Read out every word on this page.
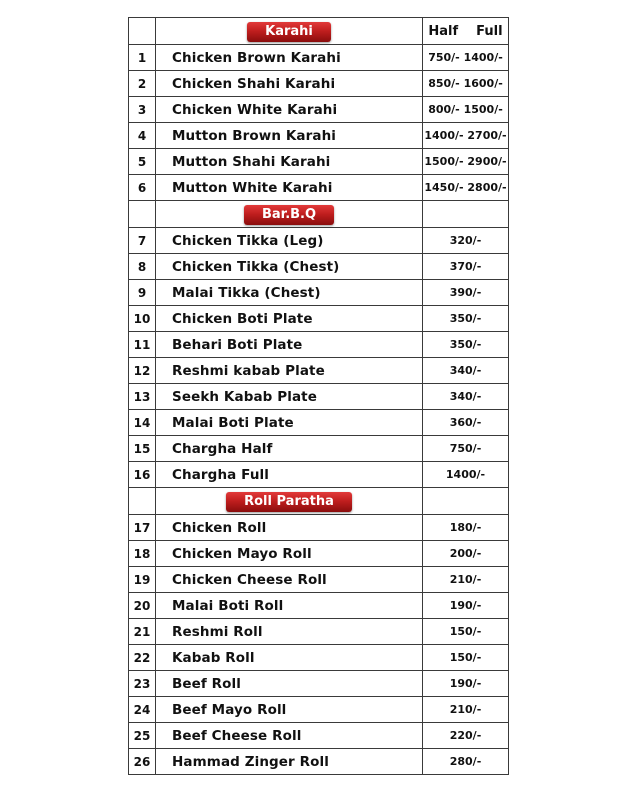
	Karahi	Half Full
1	Chicken Brown Karahi	750/- 1400/-
2	Chicken Shahi Karahi	850/- 1600/-
3	Chicken White Karahi	800/- 1500/-
4	Mutton Brown Karahi	1400/- 2700/-
5	Mutton Shahi Karahi	1500/- 2900/-
6	Mutton White Karahi	1450/- 2800/-
	Bar.B.Q	
7	Chicken Tikka (Leg)	320/-
8	Chicken Tikka (Chest)	370/-
9	Malai Tikka (Chest)	390/-
10	Chicken Boti Plate	350/-
11	Behari Boti Plate	350/-
12	Reshmi kabab Plate	340/-
13	Seekh Kabab Plate	340/-
14	Malai Boti Plate	360/-
15	Chargha Half	750/-
16	Chargha Full	1400/-
	Roll Paratha	
17	Chicken Roll	180/-
18	Chicken Mayo Roll	200/-
19	Chicken Cheese Roll	210/-
20	Malai Boti Roll	190/-
21	Reshmi Roll	150/-
22	Kabab Roll	150/-
23	Beef Roll	190/-
24	Beef Mayo Roll	210/-
25	Beef Cheese Roll	220/-
26	Hammad Zinger Roll	280/-
